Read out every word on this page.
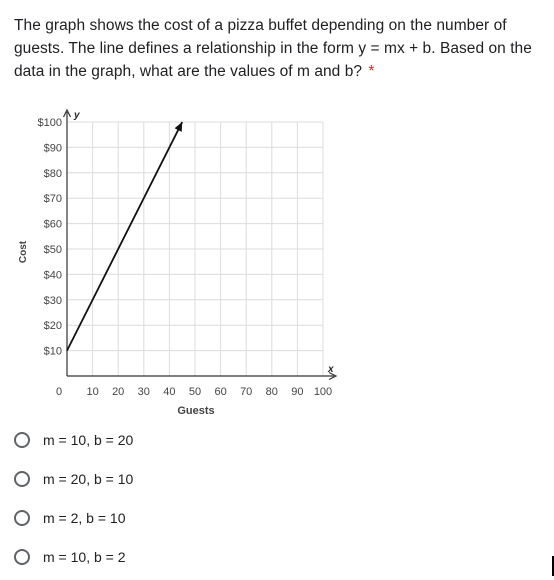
The graph shows the cost of a pizza buffet depending on the number of guests. The line defines a relationship in the form y = mx + b. Based on the data in the graph, what are the values of m and b? *
y
x
$10
$20
$30
$40
$50
$60
$70
$80
$90
$100
10 20 30 40 50 60 70 80 90 100
0
Guests
Cost
m = 10, b = 20
m = 20, b = 10
m = 2, b = 10
m = 10, b = 2
